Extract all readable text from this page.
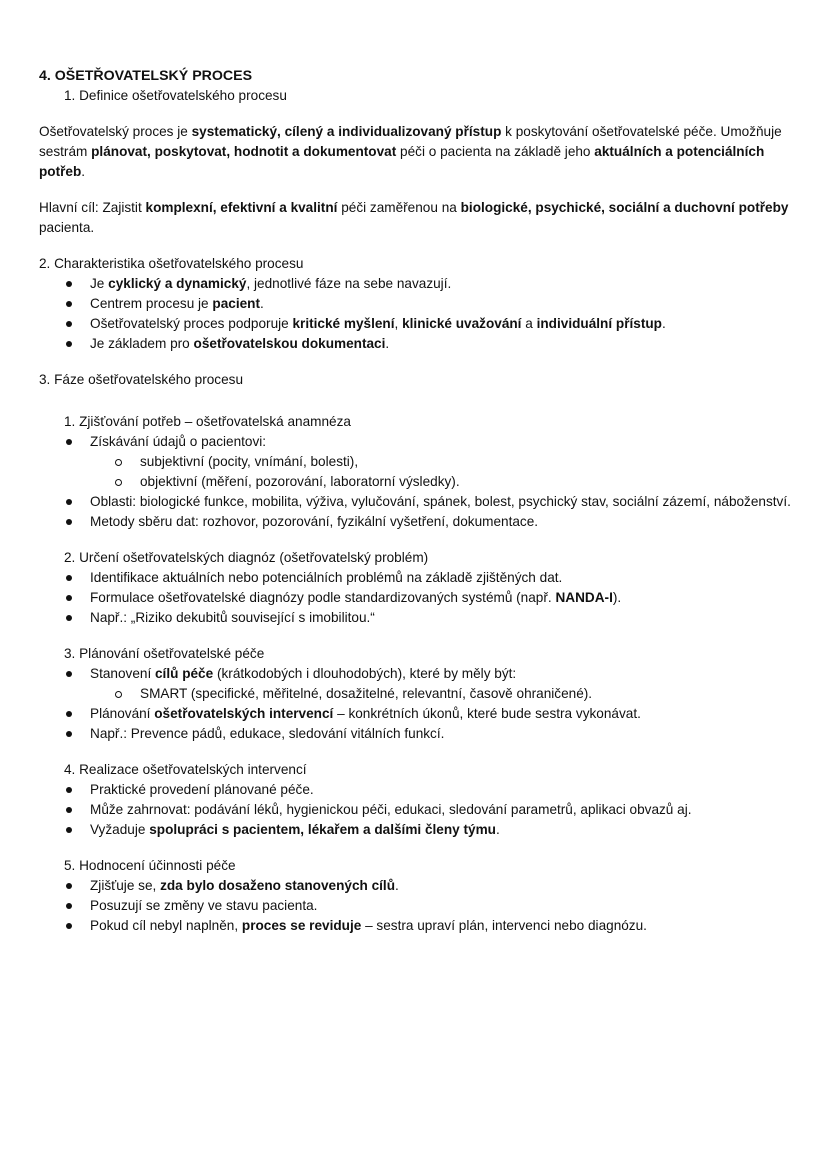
4. OŠETŘOVATELSKÝ PROCES
1. Definice ošetřovatelského procesu

Ošetřovatelský proces je systematický, cílený a individualizovaný přístup k poskytování ošetřovatelské péče. Umožňuje sestrám plánovat, poskytovat, hodnotit a dokumentovat péči o pacienta na základě jeho aktuálních a potenciálních potřeb.

Hlavní cíl: Zajistit komplexní, efektivní a kvalitní péči zaměřenou na biologické, psychické, sociální a duchovní potřeby pacienta.

2. Charakteristika ošetřovatelského procesu
Je cyklický a dynamický, jednotlivé fáze na sebe navazují.
Centrem procesu je pacient.
Ošetřovatelský proces podporuje kritické myšlení, klinické uvažování a individuální přístup.
Je základem pro ošetřovatelskou dokumentaci.
3. Fáze ošetřovatelského procesu
1. Zjišťování potřeb – ošetřovatelská anamnéza
Získávání údajů o pacientovi:
subjektivní (pocity, vnímání, bolesti),
objektivní (měření, pozorování, laboratorní výsledky).
Oblasti: biologické funkce, mobilita, výživa, vylučování, spánek, bolest, psychický stav, sociální zázemí, náboženství.
Metody sběru dat: rozhovor, pozorování, fyzikální vyšetření, dokumentace.
2. Určení ošetřovatelských diagnóz (ošetřovatelský problém)
Identifikace aktuálních nebo potenciálních problémů na základě zjištěných dat.
Formulace ošetřovatelské diagnózy podle standardizovaných systémů (např. NANDA-I).
Např.: „Riziko dekubitů související s imobilitou.“
3. Plánování ošetřovatelské péče
Stanovení cílů péče (krátkodobých i dlouhodobých), které by měly být:
SMART (specifické, měřitelné, dosažitelné, relevantní, časově ohraničené).
Plánování ošetřovatelských intervencí – konkrétních úkonů, které bude sestra vykonávat.
Např.: Prevence pádů, edukace, sledování vitálních funkcí.
4. Realizace ošetřovatelských intervencí
Praktické provedení plánované péče.
Může zahrnovat: podávání léků, hygienickou péči, edukaci, sledování parametrů, aplikaci obvazů aj.
Vyžaduje spolupráci s pacientem, lékařem a dalšími členy týmu.
5. Hodnocení účinnosti péče
Zjišťuje se, zda bylo dosaženo stanovených cílů.
Posuzují se změny ve stavu pacienta.
Pokud cíl nebyl naplněn, proces se reviduje – sestra upraví plán, intervenci nebo diagnózu.
